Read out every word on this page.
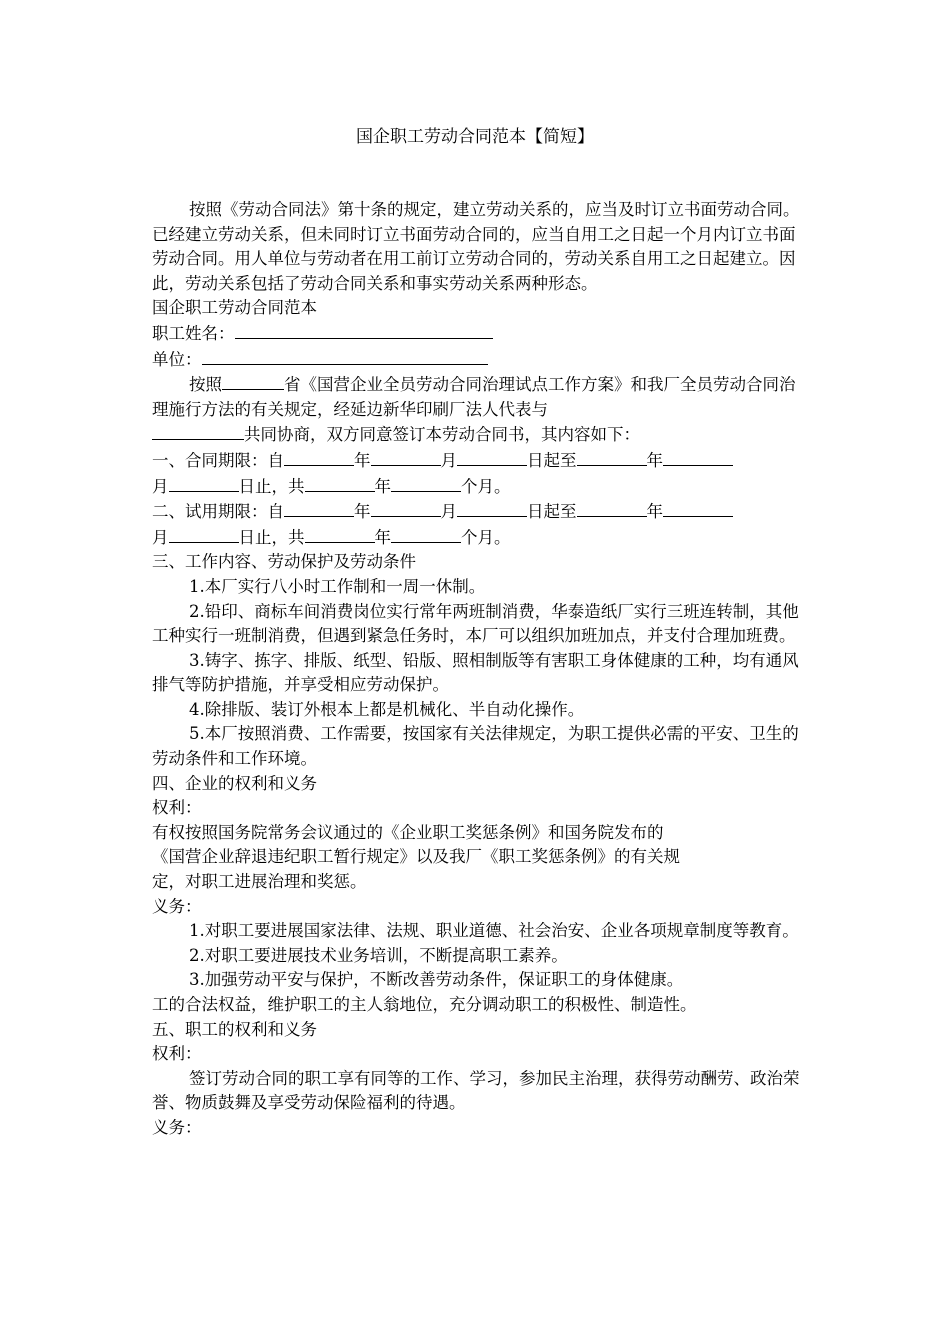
国企职工劳动合同范本【简短】

按照《劳动合同法》第十条的规定，建立劳动关系的，应当及时订立书面劳动合同。已经建立劳动关系，但未同时订立书面劳动合同的，应当自用工之日起一个月内订立书面劳动合同。用人单位与劳动者在用工前订立劳动合同的，劳动关系自用工之日起建立。因此，劳动关系包括了劳动合同关系和事实劳动关系两种形态。

国企职工劳动合同范本

职工姓名：

单位：

按照	省《国营企业全员劳动合同治理试点工作方案》和我厂全员劳动合同治理施行方法的有关规定，经延边新华印刷厂法人代表与
共同协商，双方同意签订本劳动合同书，其内容如下：

一、合同期限：自	年	月	日起至	年

月	日止，共	年	个月。

二、试用期限：自	年	月	日起至	年

月	日止，共	年	个月。

三、工作内容、劳动保护及劳动条件

1.本厂实行八小时工作制和一周一休制。

2.铅印、商标车间消费岗位实行常年两班制消费，华泰造纸厂实行三班连转制，其他工种实行一班制消费，但遇到紧急任务时，本厂可以组织加班加点，并支付合理加班费。

3.铸字、拣字、排版、纸型、铅版、照相制版等有害职工身体健康的工种，均有通风排气等防护措施，并享受相应劳动保护。

4.除排版、装订外根本上都是机械化、半自动化操作。

5.本厂按照消费、工作需要，按国家有关法律规定，为职工提供必需的平安、卫生的劳动条件和工作环境。

四、企业的权利和义务

权利：

有权按照国务院常务会议通过的《企业职工奖惩条例》和国务院发布的

《国营企业辞退违纪职工暂行规定》以及我厂《职工奖惩条例》的有关规

定，对职工进展治理和奖惩。

义务：

1.对职工要进展国家法律、法规、职业道德、社会治安、企业各项规章制度等教育。

2.对职工要进展技术业务培训，不断提高职工素养。

3.加强劳动平安与保护，不断改善劳动条件，保证职工的身体健康。

工的合法权益，维护职工的主人翁地位，充分调动职工的积极性、制造性。

五、职工的权利和义务

权利：

签订劳动合同的职工享有同等的工作、学习，参加民主治理，获得劳动酬劳、政治荣誉、物质鼓舞及享受劳动保险福利的待遇。

义务：
